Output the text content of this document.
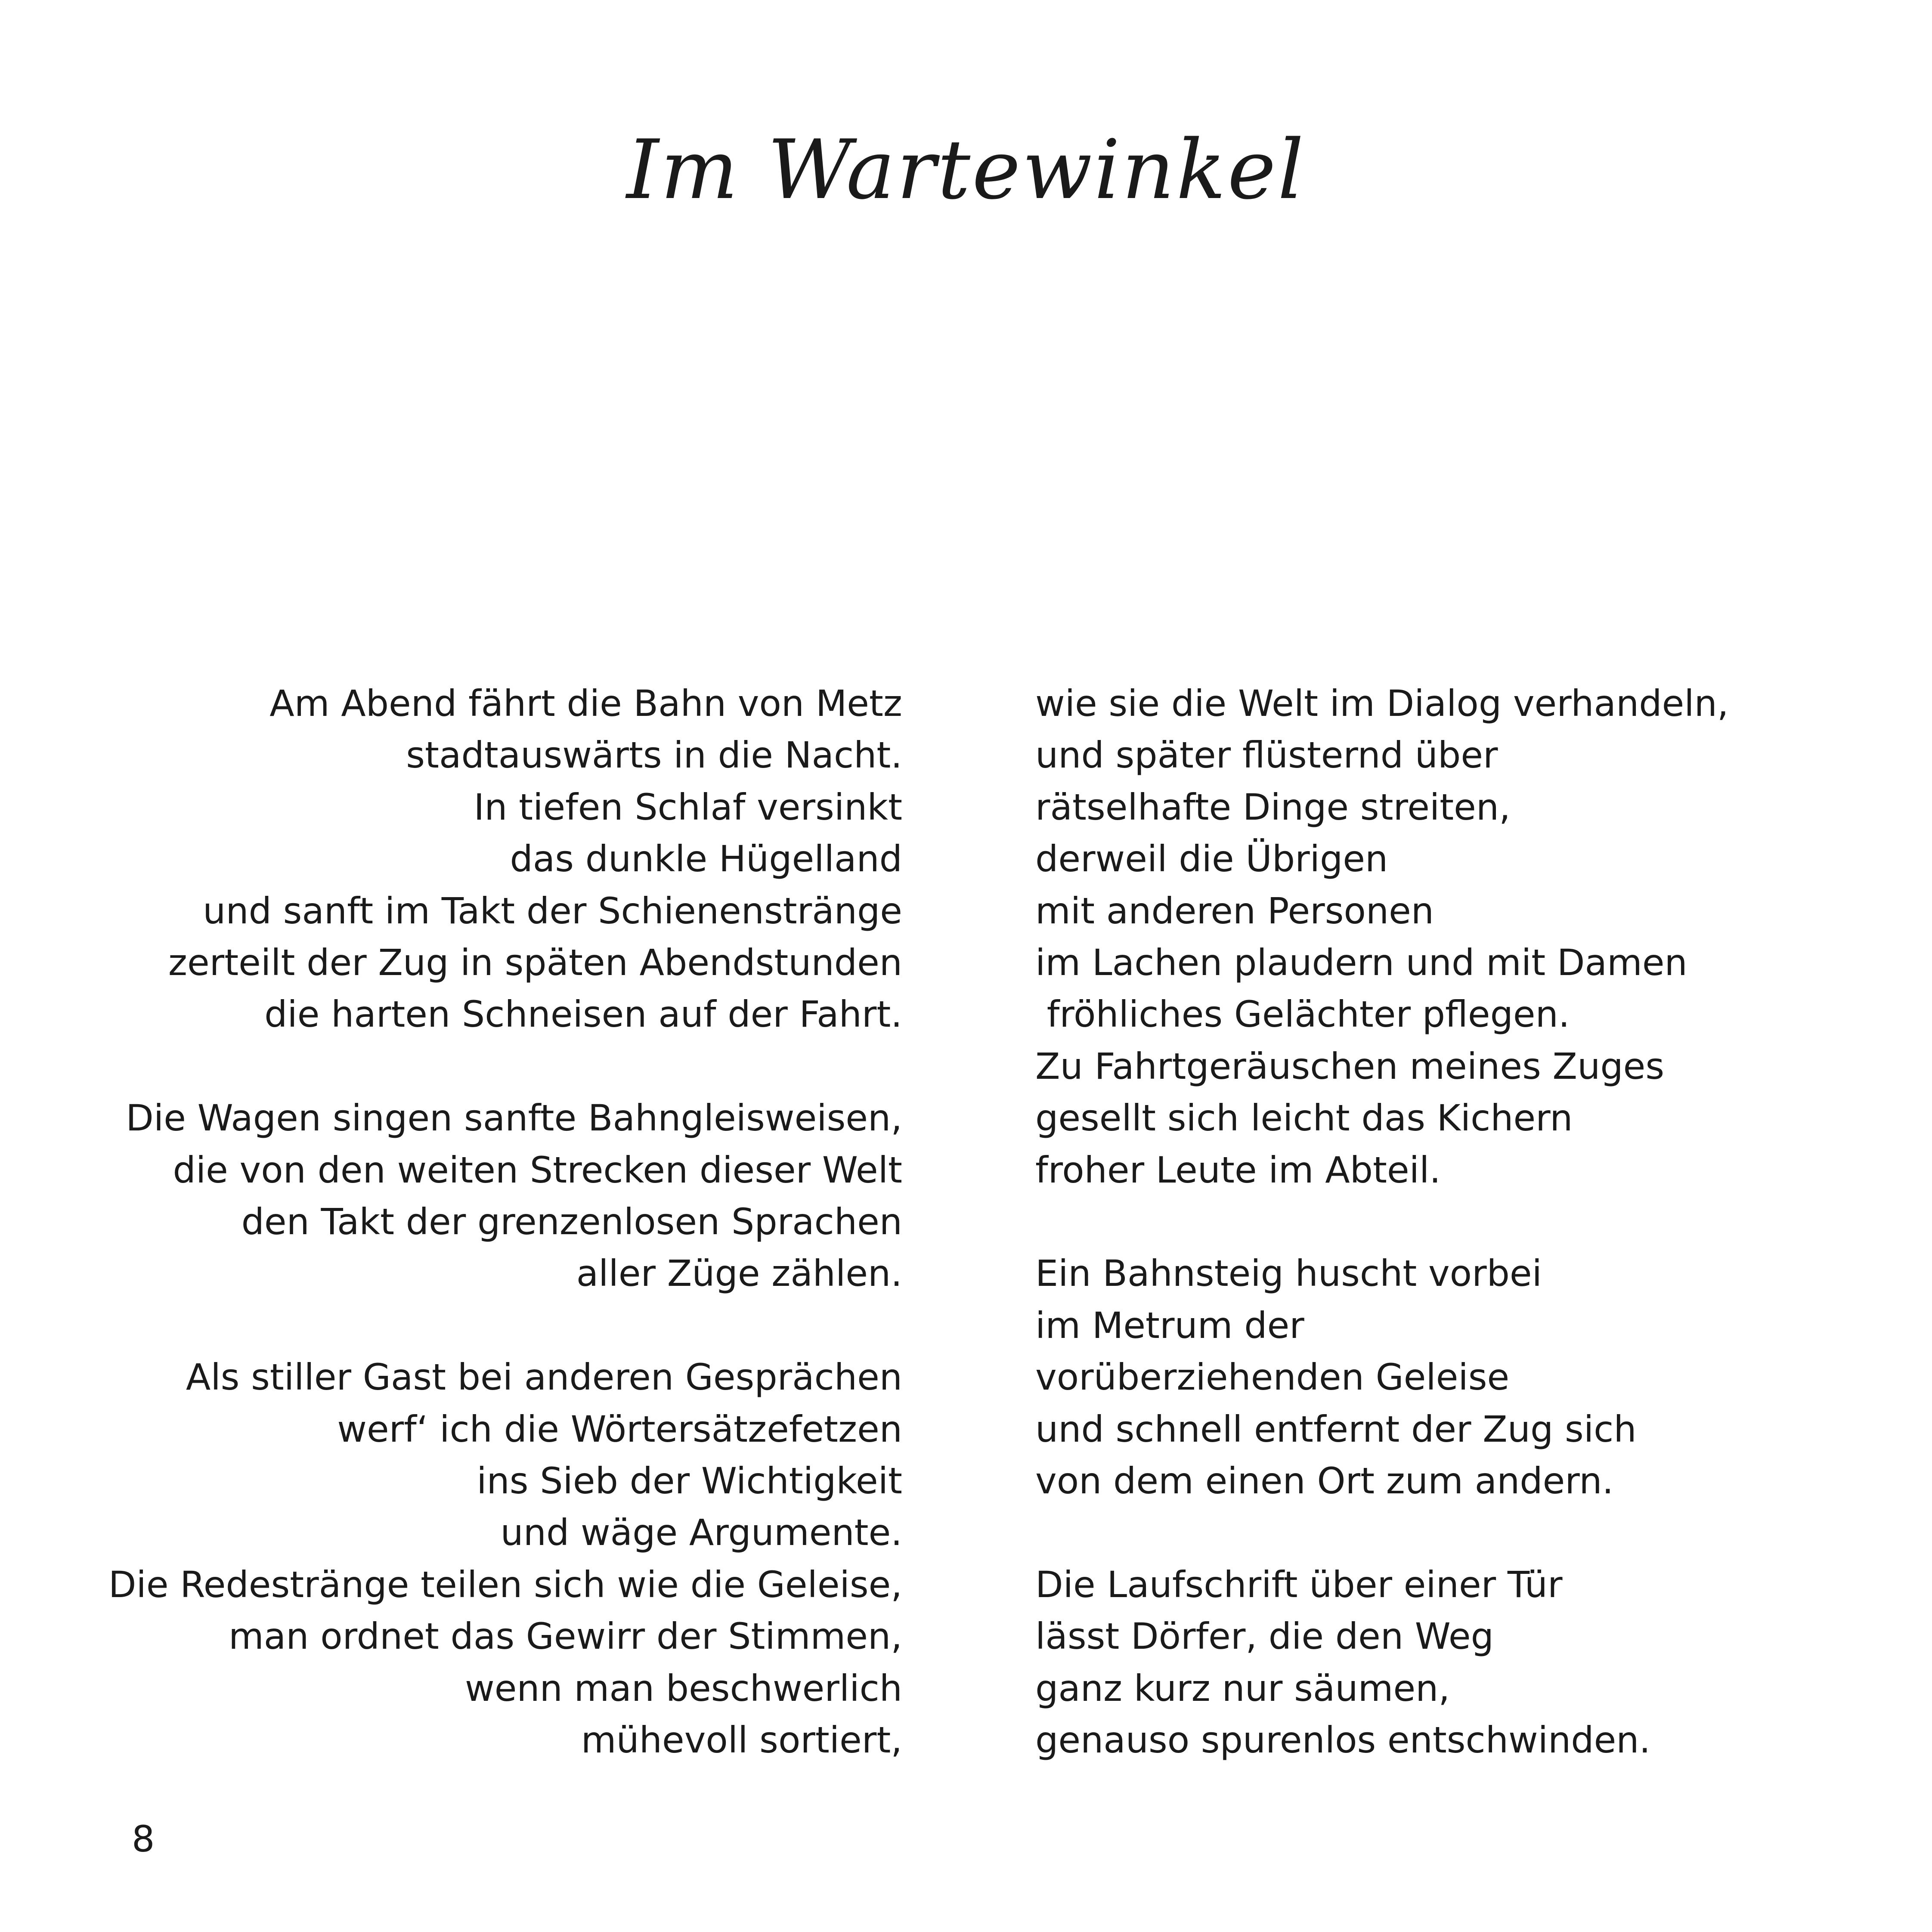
Im Wartewinkel
Am Abend fährt die Bahn von Metz
stadtauswärts in die Nacht.
In tiefen Schlaf versinkt
das dunkle Hügelland
und sanft im Takt der Schienenstränge
zerteilt der Zug in späten Abendstunden
die harten Schneisen auf der Fahrt.
Die Wagen singen sanfte Bahngleisweisen,
die von den weiten Strecken dieser Welt
den Takt der grenzenlosen Sprachen
aller Züge zählen.
Als stiller Gast bei anderen Gesprächen
werf‘ ich die Wörtersätzefetzen
ins Sieb der Wichtigkeit
und wäge Argumente.
Die Redestränge teilen sich wie die Geleise,
man ordnet das Gewirr der Stimmen,
wenn man beschwerlich
mühevoll sortiert,
wie sie die Welt im Dialog verhandeln,
und später flüsternd über
rätselhafte Dinge streiten,
derweil die Übrigen
mit anderen Personen
im Lachen plaudern und mit Damen
fröhliches Gelächter pflegen.
Zu Fahrtgeräuschen meines Zuges
gesellt sich leicht das Kichern
froher Leute im Abteil.
Ein Bahnsteig huscht vorbei
im Metrum der
vorüberziehenden Geleise
und schnell entfernt der Zug sich
von dem einen Ort zum andern.
Die Laufschrift über einer Tür
lässt Dörfer, die den Weg
ganz kurz nur säumen,
genauso spurenlos entschwinden.
8
